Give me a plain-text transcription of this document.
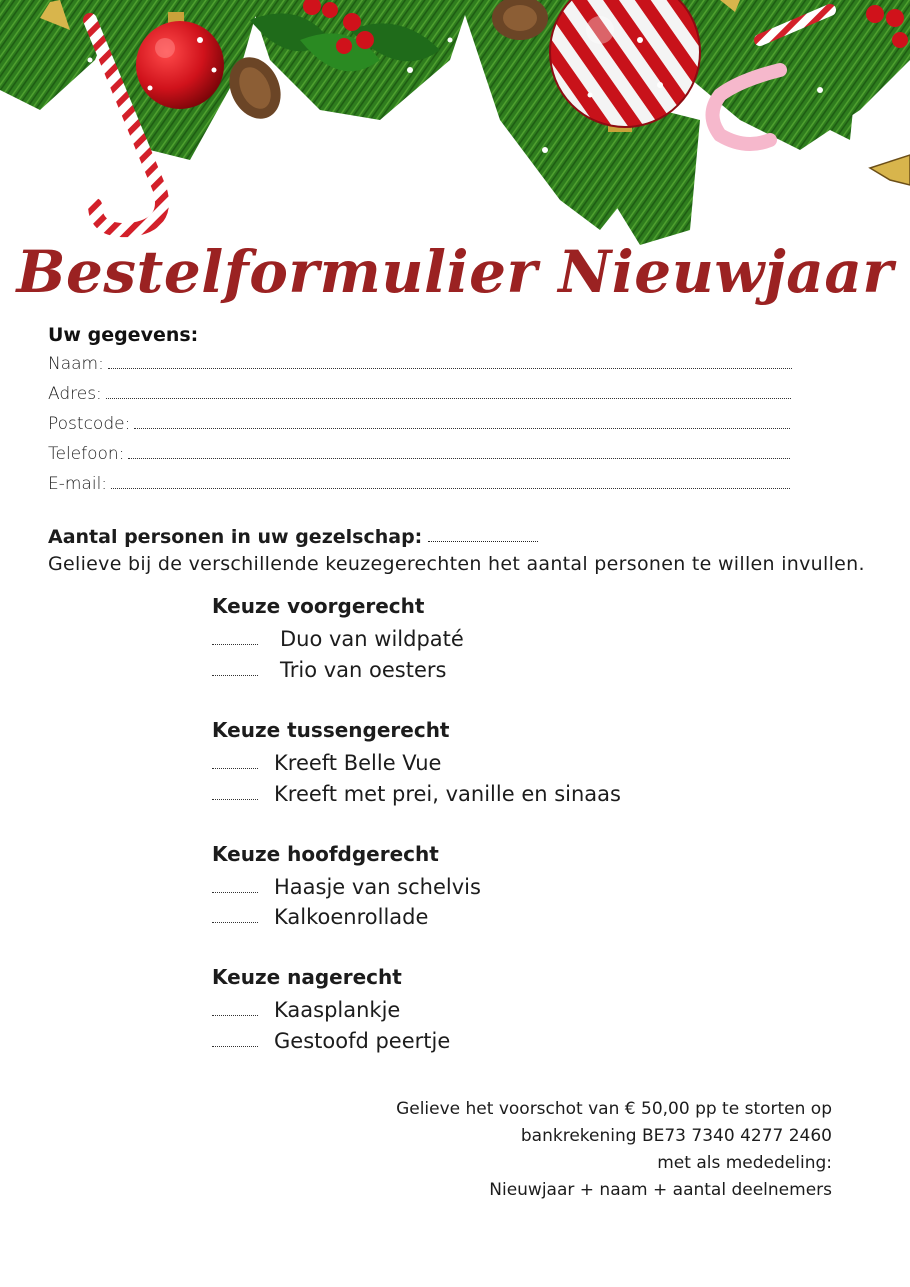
Bestelformulier Nieuwjaar
Uw gegevens:
Naam:
Adres:
Postcode:
Telefoon:
E-mail:
Aantal personen in uw gezelschap:
Gelieve bij de verschillende keuzegerechten het aantal personen te willen invullen.
Keuze voorgerecht
Duo van wildpaté
Trio van oesters
Keuze tussengerecht
Kreeft Belle Vue
Kreeft met prei, vanille en sinaas
Keuze hoofdgerecht
Haasje van schelvis
Kalkoenrollade
Keuze nagerecht
Kaasplankje
Gestoofd peertje
Gelieve het voorschot van € 50,00 pp te storten op
bankrekening BE73 7340 4277 2460
met als mededeling:
Nieuwjaar + naam + aantal deelnemers
